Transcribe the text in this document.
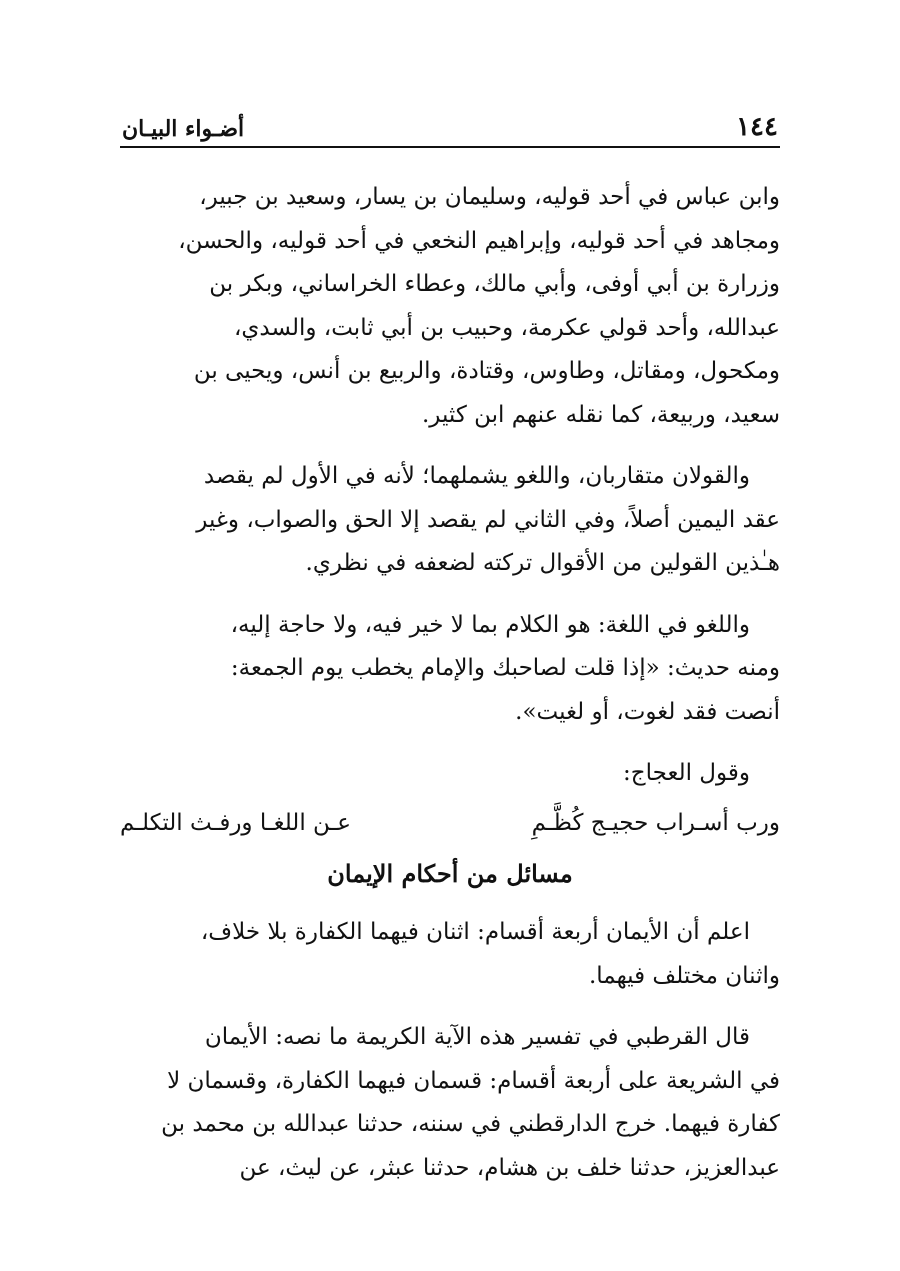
١٤٤
أضـواء البيـان

وابن عباس في أحد قوليه، وسليمان بن يسار، وسعيد بن جبير،
ومجاهد في أحد قوليه، وإبراهيم النخعي في أحد قوليه، والحسن،
وزرارة بن أبي أوفى، وأبي مالك، وعطاء الخراساني، وبكر بن
عبدالله، وأحد قولي عكرمة، وحبيب بن أبي ثابت، والسدي،
ومكحول، ومقاتل، وطاوس، وقتادة، والربيع بن أنس، ويحيى بن
سعيد، وربيعة، كما نقله عنهم ابن كثير.

والقولان متقاربان، واللغو يشملهما؛ لأنه في الأول لم يقصد
عقد اليمين أصلاً، وفي الثاني لم يقصد إلا الحق والصواب، وغير
هـٰذين القولين من الأقوال تركته لضعفه في نظري.

واللغو في اللغة: هو الكلام بما لا خير فيه، ولا حاجة إليه،
ومنه حديث: «إذا قلت لصاحبك والإمام يخطب يوم الجمعة:
أنصت فقد لغوت، أو لغيت».

وقول العجاج:

ورب أسـراب حجيـج كُظَّـمِ
عـن اللغـا ورفـث التكلـم
مسائل من أحكام الإيمان

اعلم أن الأيمان أربعة أقسام: اثنان فيهما الكفارة بلا خلاف،
واثنان مختلف فيهما.

قال القرطبي في تفسير هذه الآية الكريمة ما نصه: الأيمان
في الشريعة على أربعة أقسام: قسمان فيهما الكفارة، وقسمان لا
كفارة فيهما. خرج الدارقطني في سننه، حدثنا عبدالله بن محمد بن
عبدالعزيز، حدثنا خلف بن هشام، حدثنا عبثر، عن ليث، عن
